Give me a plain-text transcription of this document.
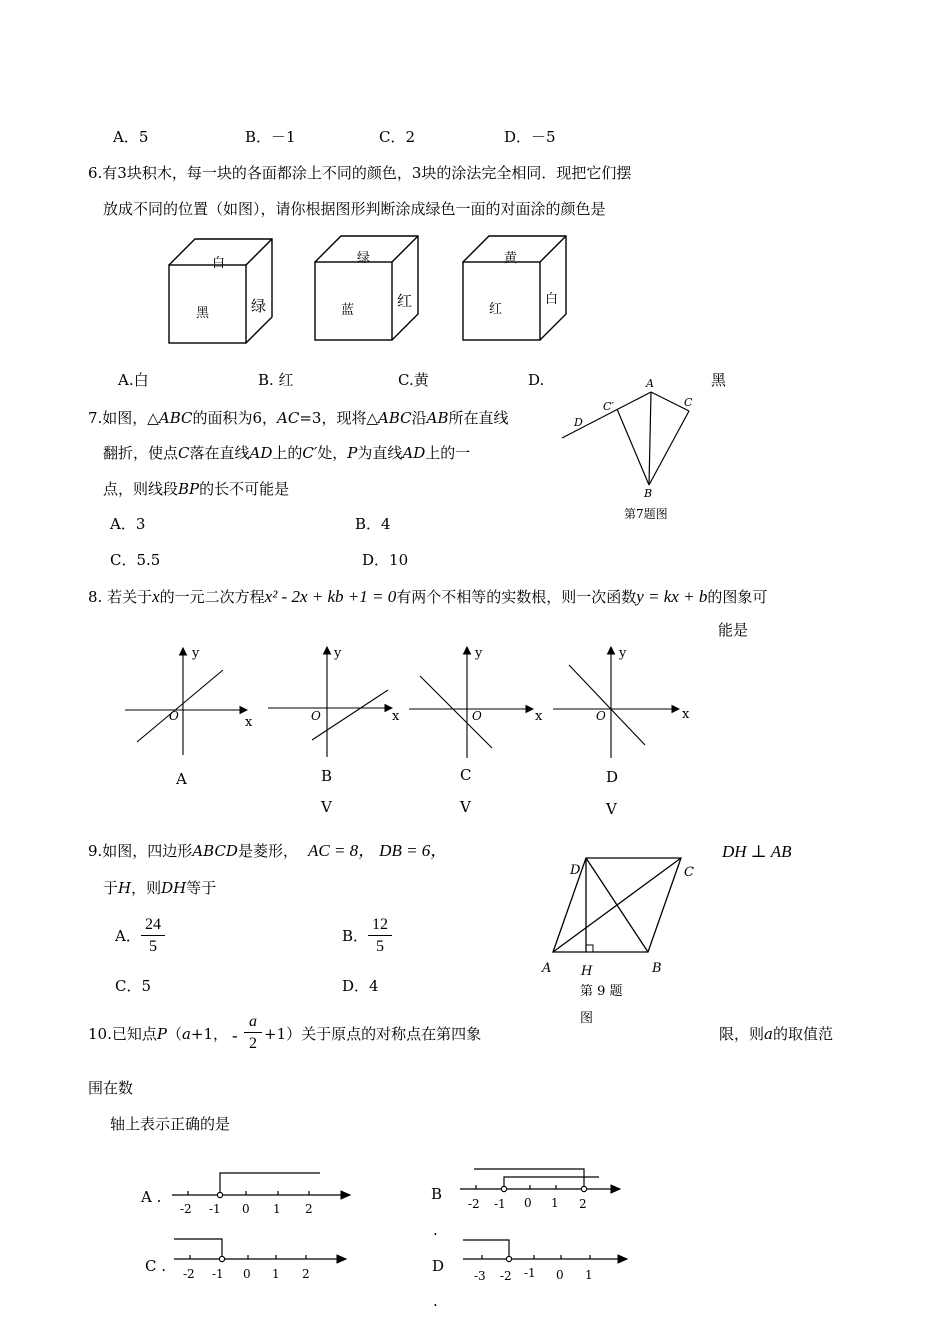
A．5	B．－1	C．2	D．－5
6.有3块积木，每一块的各面都涂上不同的颜色，3块的涂法完全相同．现把它们摆
放成不同的位置（如图），请你根据图形判断涂成绿色一面的对面涂的颜色是
白
黑	绿
绿
蓝
红
黄
红
白
A.白	B. 红	C.黄	D.	黑
7.如图，△ABC的面积为6，AC=3，现将△ABC沿AB所在直线
翻折，使点C落在直线AD上的C′处，P为直线AD上的一
点，则线段BP的长不可能是
A．3	B．4
C．5.5	D．10
A
C
C′
D
B
第7题图
8. 若关于x的一元二次方程x² - 2x + kb +1 = 0有两个不相等的实数根，则一次函数y = kx + b的图象可
能是
y
x
O
y
x
O
y
x
O
y
x
O
A	B	C	D
V	V	V
9.如图，四边形ABCD是菱形， AC = 8， DB = 6，	DH ⊥ AB
于H，则DH等于
A． $\frac{24}{5}$	B． $\frac{12}{5}$
C．5	D．4
D	C
A H	B
第 9 题
图
10.已知点P（a+1， - $\frac{a}{2} +1$）关于原点的对称点在第四象	限，则a的取值范
围在数
轴上表示正确的是
-2 -1 0 1 2	-2 -1 0 1 2
-2 -1 0 1 2	-3 -2 -1 0 1
A .	B
.
C .	D
.
